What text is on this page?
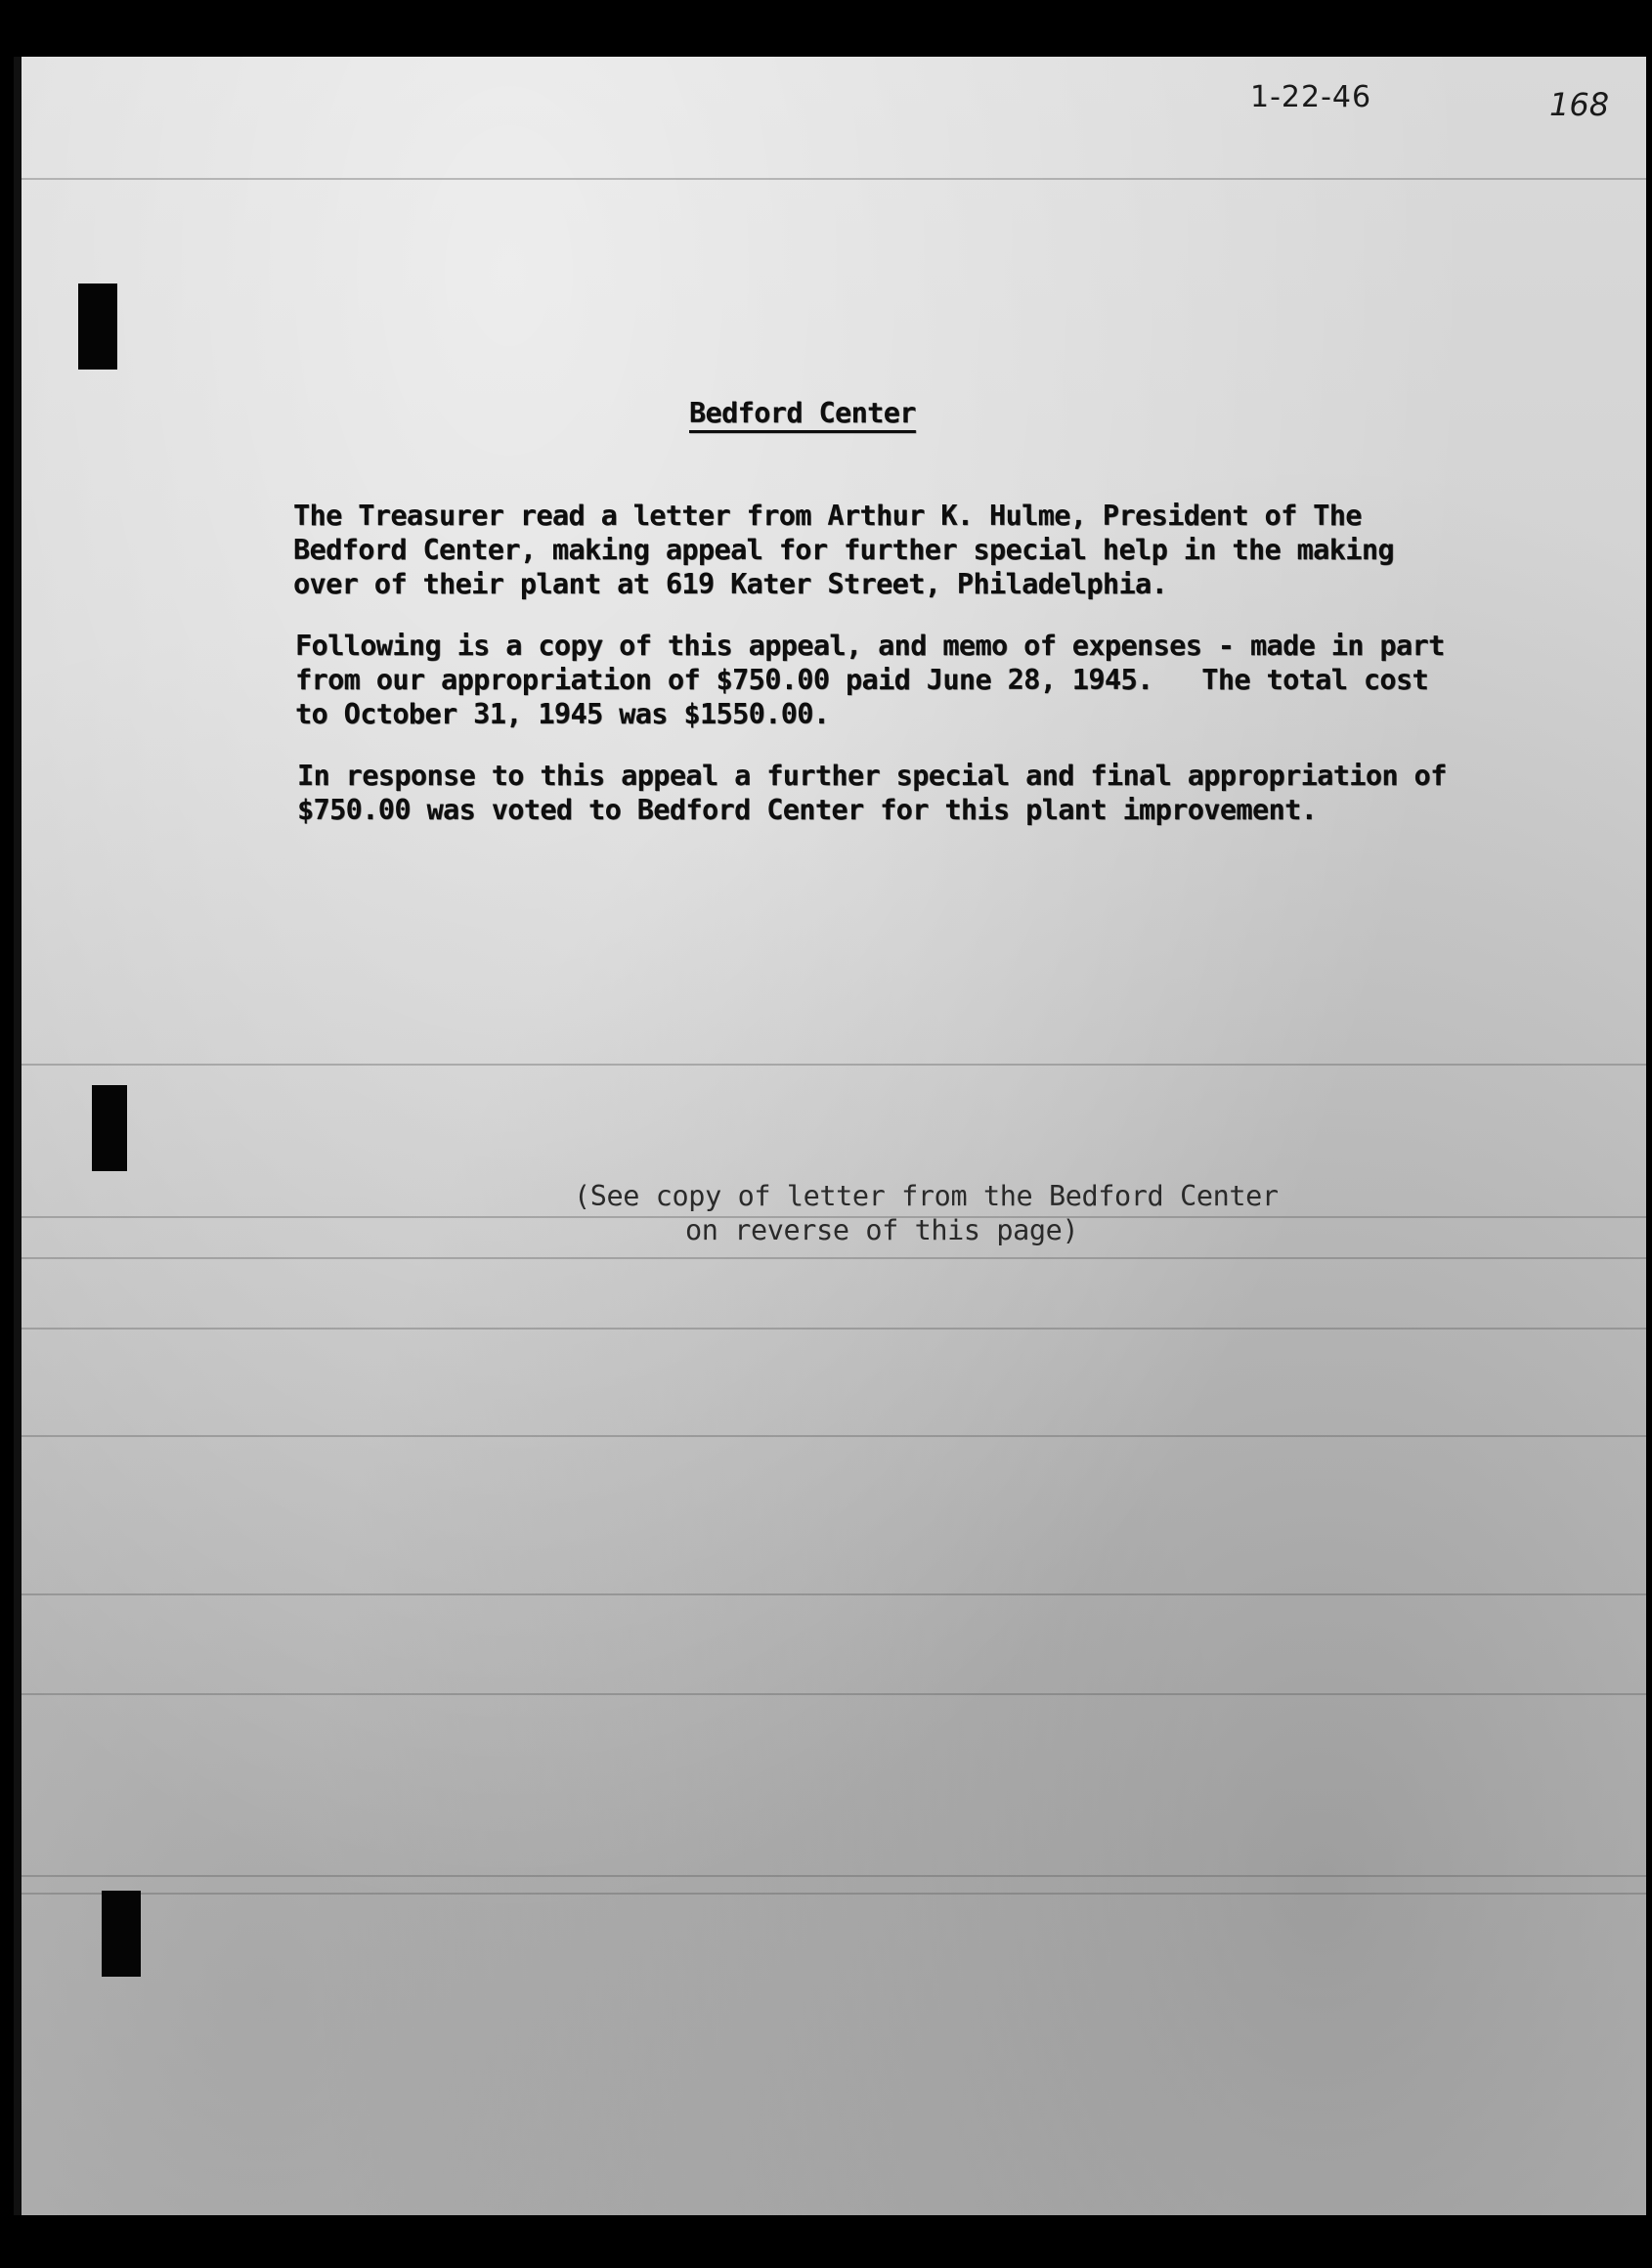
1-22-46	168

Bedford Center

The Treasurer read a letter from Arthur K. Hulme, President of The

Bedford Center, making appeal for further special help in the making

over of their plant at 619 Kater Street, Philadelphia.

Following is a copy of this appeal, and memo of expenses - made in part

from our appropriation of $750.00 paid June 28, 1945.   The total cost

to October 31, 1945 was $1550.00.

In response to this appeal a further special and final appropriation of

$750.00 was voted to Bedford Center for this plant improvement.

(See copy of letter from the Bedford Center

on reverse of this page)
